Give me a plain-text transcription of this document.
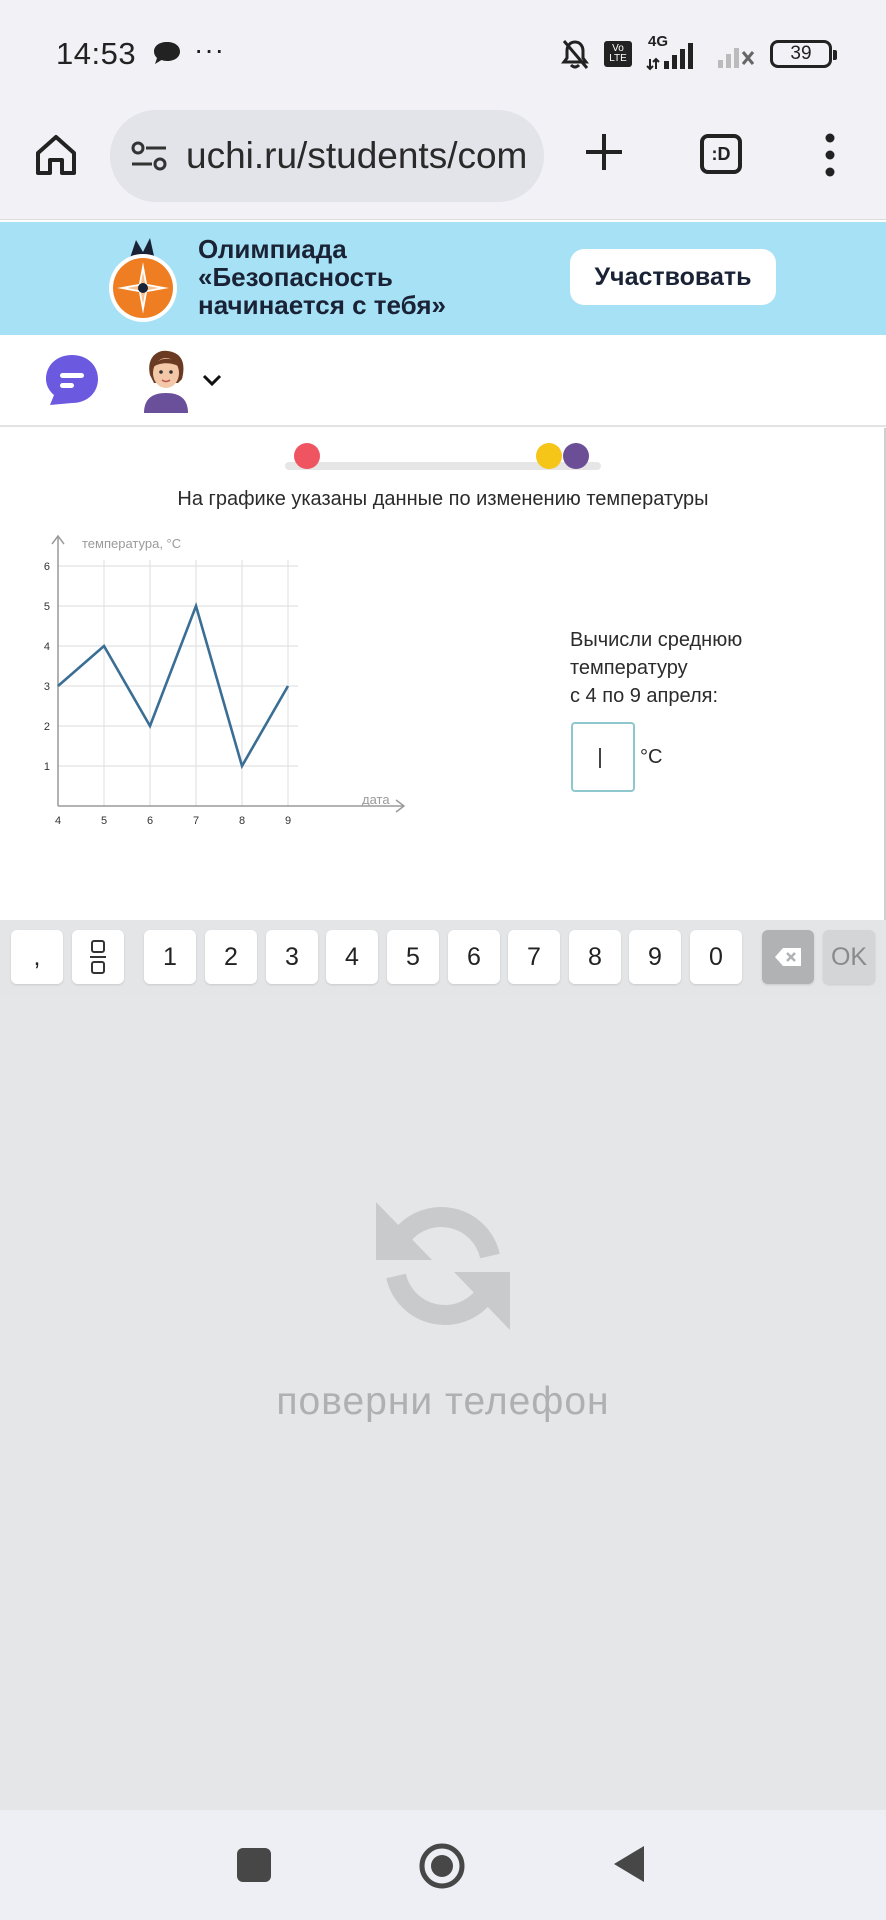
14:53 ···	Vo LTE
4G
39
uchi.ru/students/com	:D
Олимпиада
«Безопасность
начинается с тебя»
Участвовать
На графике указаны данные по изменению температуры
1
2
3
4
5
6
4	5	6	7	8	9
температура, °С
дата
Вычисли среднюю
температуру
с 4 по 9 апреля:
°С
,	1	2	3	4	5	6	7	8	9	0	OK
поверни телефон
